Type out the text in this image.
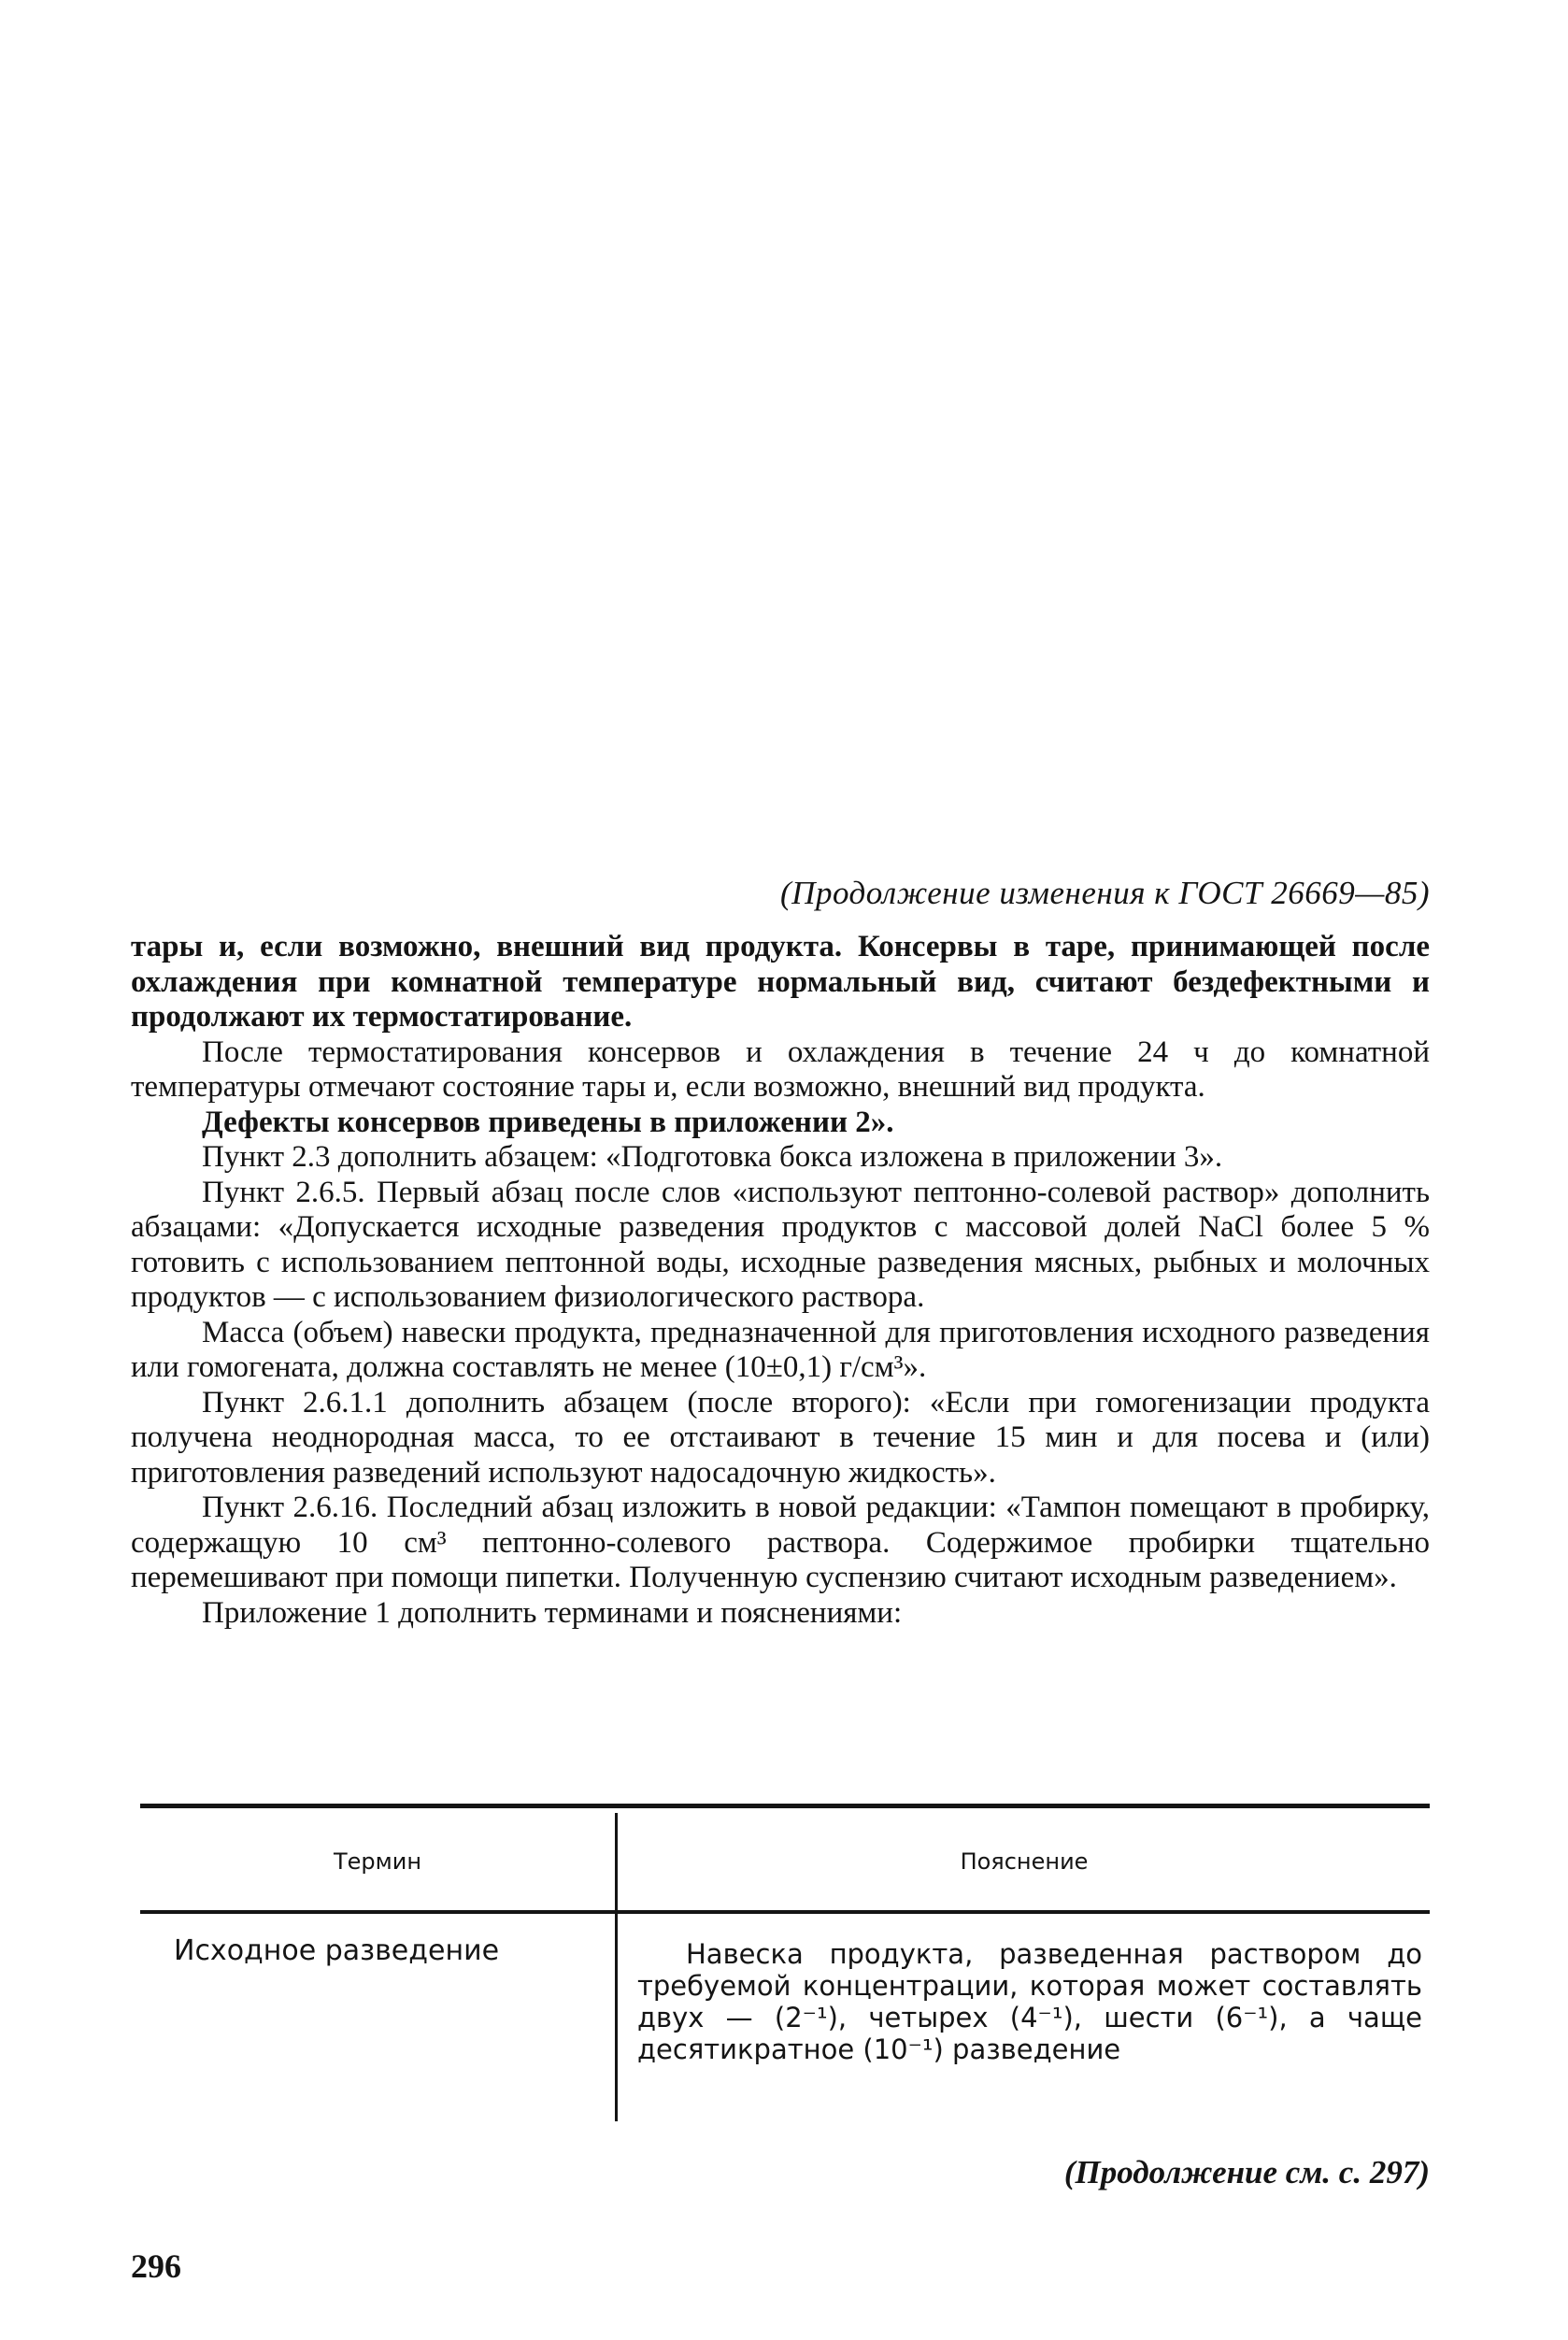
(Продолжение изменения к ГОСТ 26669—85)

тары и, если возможно, внешний вид продукта. Консервы в таре, принимающей после охлаждения при комнатной температуре нормальный вид, считают бездефектными и продолжают их термостатирование.

После термостатирования консервов и охлаждения в течение 24 ч до комнатной температуры отмечают состояние тары и, если возможно, внешний вид продукта.

Дефекты консервов приведены в приложении 2».

Пункт 2.3 дополнить абзацем: «Подготовка бокса изложена в приложении 3».

Пункт 2.6.5. Первый абзац после слов «используют пептонно-солевой раствор» дополнить абзацами: «Допускается исходные разведения продуктов с массовой долей NaCl более 5 % готовить с использованием пептонной воды, исходные разведения мясных, рыбных и молочных продуктов — с использованием физиологического раствора.

Масса (объем) навески продукта, предназначенной для приготовления исходного разведения или гомогената, должна составлять не менее (10±0,1) г/см³».

Пункт 2.6.1.1 дополнить абзацем (после второго): «Если при гомогенизации продукта получена неоднородная масса, то ее отстаивают в течение 15 мин и для посева и (или) приготовления разведений используют надосадочную жидкость».

Пункт 2.6.16. Последний абзац изложить в новой редакции: «Тампон помещают в пробирку, содержащую 10 см³ пептонно-солевого раствора. Содержимое пробирки тщательно перемешивают при помощи пипетки. Полученную суспензию считают исходным разведением».

Приложение 1 дополнить терминами и пояснениями:

Термин	Пояснение
Исходное разведение	Навеска продукта, разведенная раствором до требуемой концентрации, которая может составлять двух — (2⁻¹), четырех (4⁻¹), шести (6⁻¹), а чаще десятикратное (10⁻¹) разведение
(Продолжение см. с. 297)
296
